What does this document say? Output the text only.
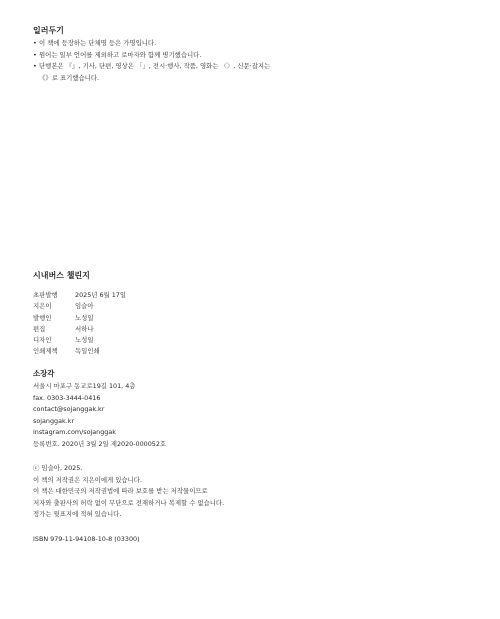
일러두기
• 이 책에 등장하는 단체명 등은 가명입니다.
• 원어는 일부 언어를 제외하고 로마자와 함께 병기했습니다.
• 단행본은 『』, 기사, 단편, 영상은 「」, 전시·행사, 작품, 영화는 〈〉, 신문·잡지는
《》로 표기했습니다.
시내버스 챌린지
초판발행	2025년 6월 17일
지은이	임슬아
발행인	노성일
편집	서하나
디자인	노성일
인쇄제책	독일인쇄
소장각
서울시 마포구 동교로19길 101, 4층
fax. 0303-3444-0416
contact@sojanggak.kr
sojanggak.kr
instagram.com/sojanggak
등록번호. 2020년 3월 2일 제2020-000052호
ⓒ 임슬아, 2025.
이 책의 저작권은 지은이에게 있습니다.
이 책은 대한민국의 저작권법에 따라 보호를 받는 저작물이므로
저자와 출판사의 허락 없이 무단으로 전재하거나 복제할 수 없습니다.
정가는 뒷표지에 적혀 있습니다.
ISBN 979-11-94108-10-8 (03300)
